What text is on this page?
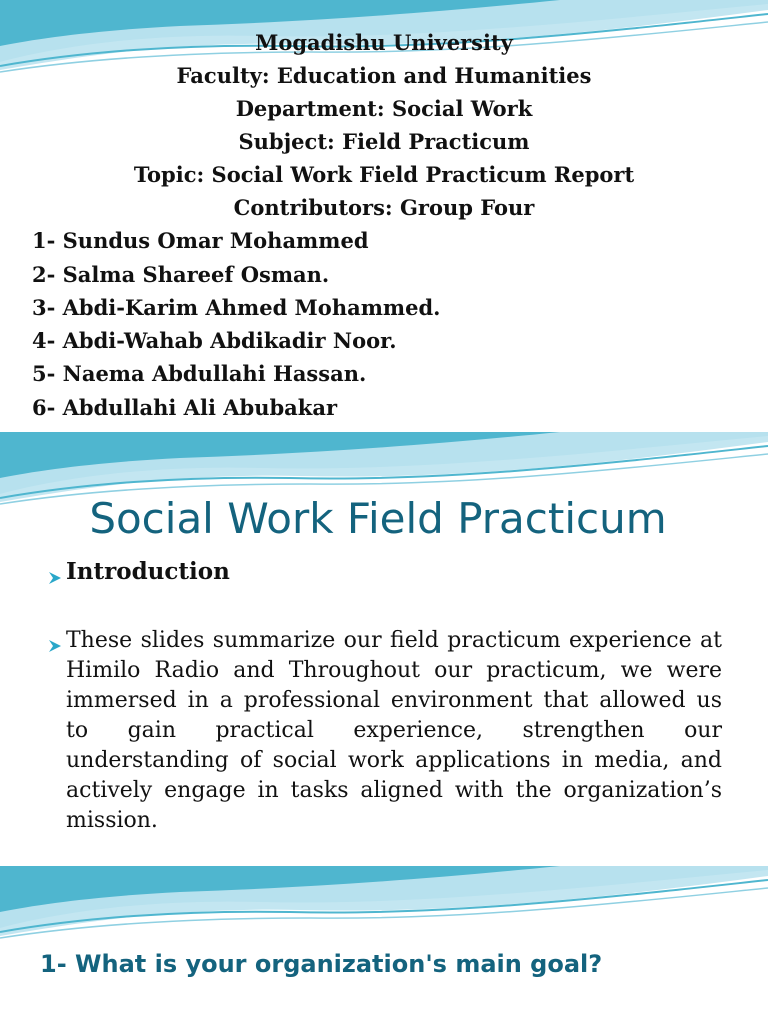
Mogadishu University
Faculty: Education and Humanities
Department: Social Work
Subject: Field Practicum
Topic: Social Work Field Practicum Report
Contributors: Group Four
1- Sundus Omar Mohammed
2- Salma Shareef Osman.
3- Abdi-Karim Ahmed Mohammed.
4- Abdi-Wahab Abdikadir Noor.
5- Naema Abdullahi Hassan.
6- Abdullahi Ali Abubakar
Social Work Field Practicum
Introduction
These slides summarize our field practicum experience at Himilo Radio and Throughout our practicum, we were immersed in a professional environment that allowed us to gain practical experience, strengthen our understanding of social work applications in media, and actively engage in tasks aligned with the organization’s mission.
1- What is your organization's main goal?
